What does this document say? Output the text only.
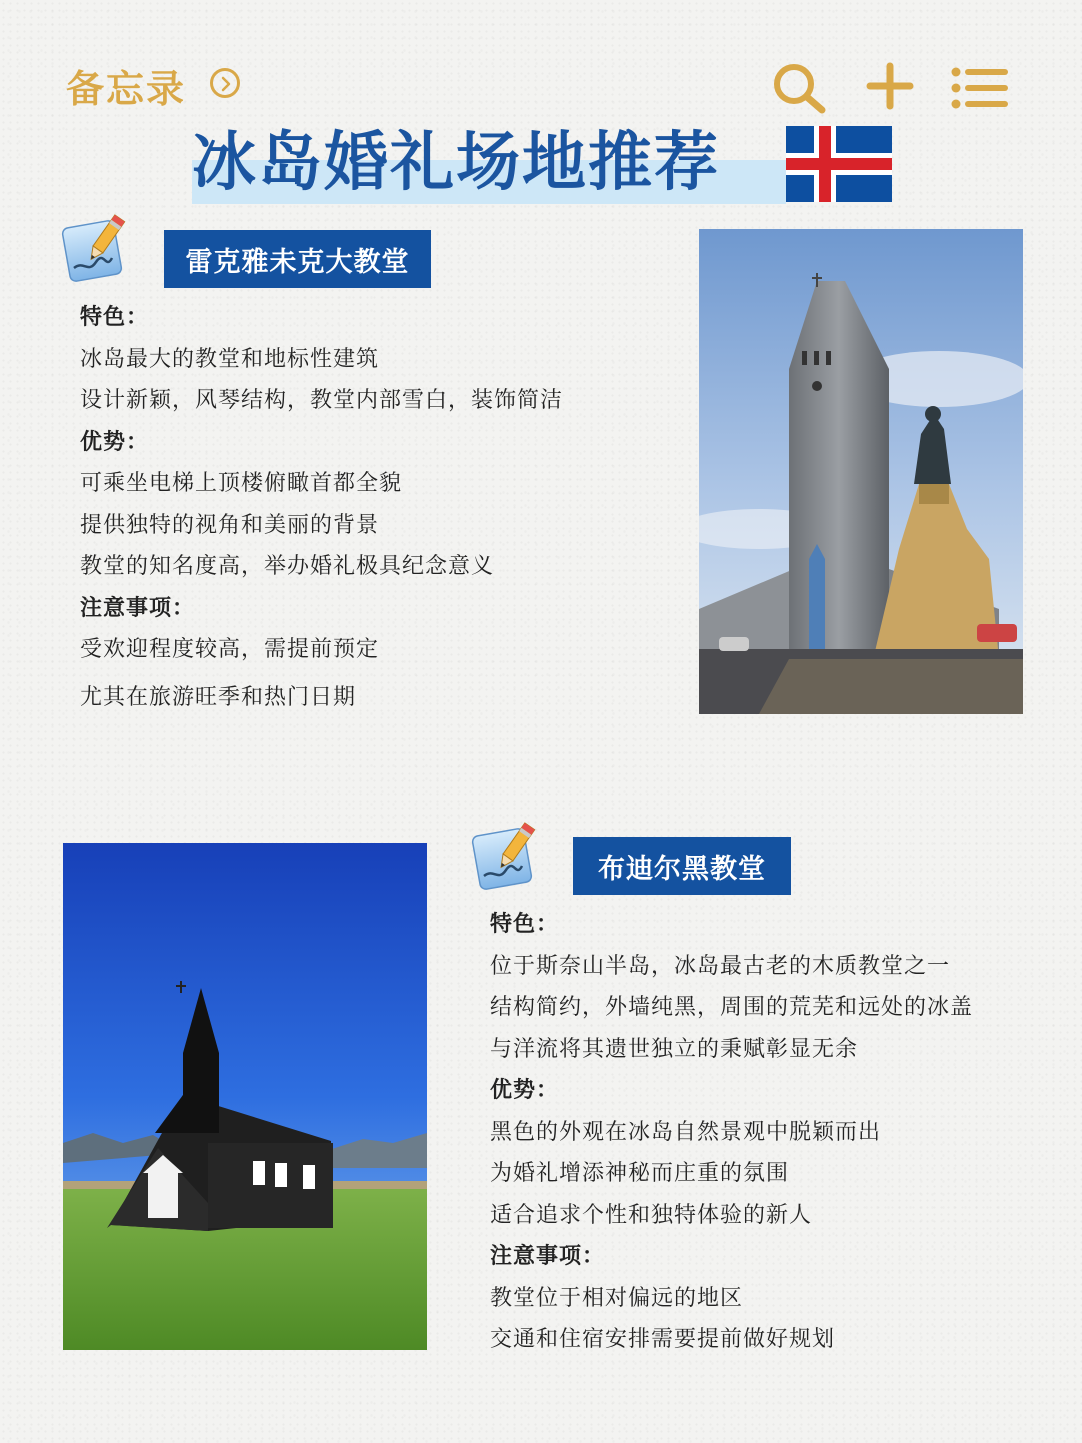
备忘录
冰岛婚礼场地推荐
雷克雅未克大教堂
特色：
冰岛最大的教堂和地标性建筑
设计新颖，风琴结构，教堂内部雪白，装饰简洁
优势：
可乘坐电梯上顶楼俯瞰首都全貌
提供独特的视角和美丽的背景
教堂的知名度高，举办婚礼极具纪念意义
注意事项：
受欢迎程度较高，需提前预定
尤其在旅游旺季和热门日期
布迪尔黑教堂
特色：
位于斯奈山半岛，冰岛最古老的木质教堂之一
结构简约，外墙纯黑，周围的荒芜和远处的冰盖
与洋流将其遗世独立的秉赋彰显无余
优势：
黑色的外观在冰岛自然景观中脱颖而出
为婚礼增添神秘而庄重的氛围
适合追求个性和独特体验的新人
注意事项：
教堂位于相对偏远的地区
交通和住宿安排需要提前做好规划
